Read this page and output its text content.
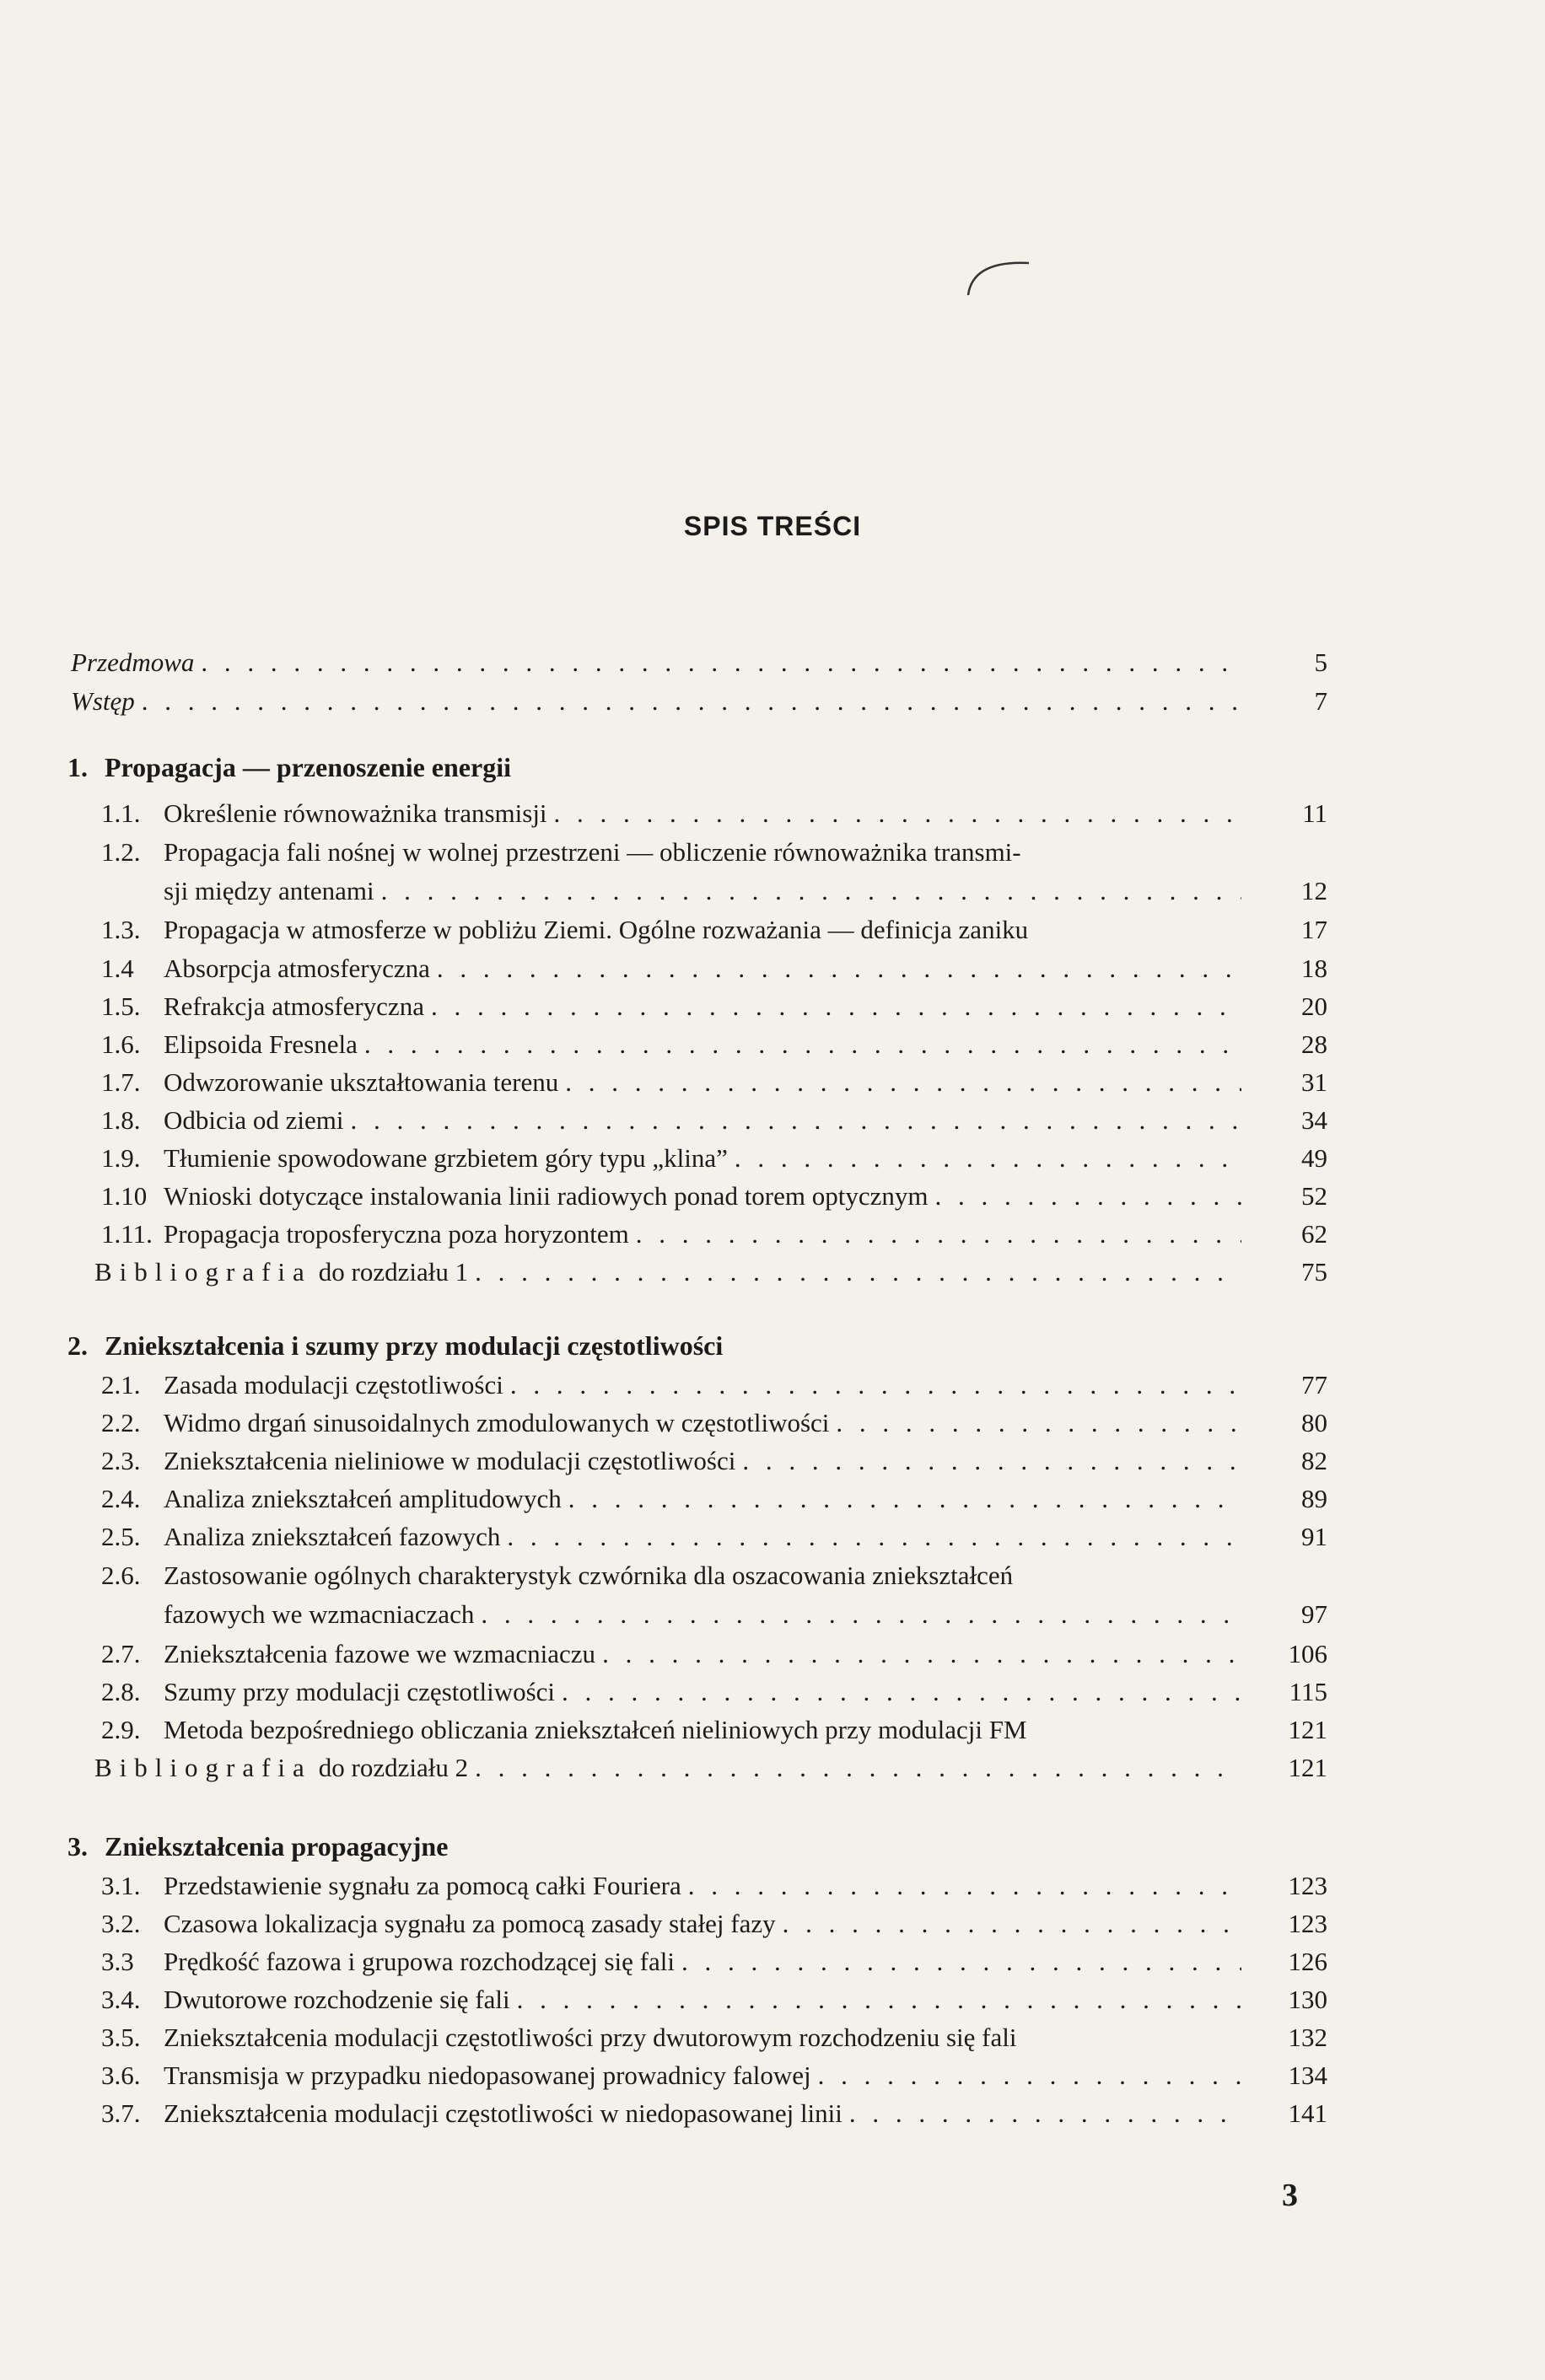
SPIS TREŚCI
Przedmowa . . .	5
Wstęp . . .	7
1. Propagacja — przenoszenie energii
1.1. Określenie równoważnika transmisji . . .	11
1.2. Propagacja fali nośnej w wolnej przestrzeni — obliczenie równoważnika transmi-
sji między antenami . . .	12
1.3. Propagacja w atmosferze w pobliżu Ziemi. Ogólne rozważania — definicja zaniku	17
1.4	Absorpcja atmosferyczna . . .	18
1.5. Refrakcja atmosferyczna . . .	20
1.6. Elipsoida Fresnela . . .	28
1.7. Odwzorowanie ukształtowania terenu . . .	31
1.8. Odbicia od ziemi . . .	34
1.9. Tłumienie spowodowane grzbietem góry typu „klina” . . .	49
1.10 Wnioski dotyczące instalowania linii radiowych ponad torem optycznym . . .	52
1.11. Propagacja troposferyczna poza horyzontem . . .	62
Bibliografia do rozdziału 1 . . .	75
2. Zniekształcenia i szumy przy modulacji częstotliwości
2.1. Zasada modulacji częstotliwości . . .	77
2.2. Widmo drgań sinusoidalnych zmodulowanych w częstotliwości . . .	80
2.3. Zniekształcenia nieliniowe w modulacji częstotliwości . . .	82
2.4. Analiza zniekształceń amplitudowych . . .	89
2.5. Analiza zniekształceń fazowych . . .	91
2.6. Zastosowanie ogólnych charakterystyk czwórnika dla oszacowania zniekształceń
fazowych we wzmacniaczach . . .	97
2.7. Zniekształcenia fazowe we wzmacniaczu . . .	106
2.8. Szumy przy modulacji częstotliwości . . .	115
2.9. Metoda bezpośredniego obliczania zniekształceń nieliniowych przy modulacji FM	121
Bibliografia do rozdziału 2 . . .	121
3. Zniekształcenia propagacyjne
3.1. Przedstawienie sygnału za pomocą całki Fouriera . . .	123
3.2. Czasowa lokalizacja sygnału za pomocą zasady stałej fazy . . .	123
3.3	Prędkość fazowa i grupowa rozchodzącej się fali . . .	126
3.4. Dwutorowe rozchodzenie się fali . . .	130
3.5. Zniekształcenia modulacji częstotliwości przy dwutorowym rozchodzeniu się fali	132
3.6. Transmisja w przypadku niedopasowanej prowadnicy falowej . . .	134
3.7. Zniekształcenia modulacji częstotliwości w niedopasowanej linii . . .	141
3
